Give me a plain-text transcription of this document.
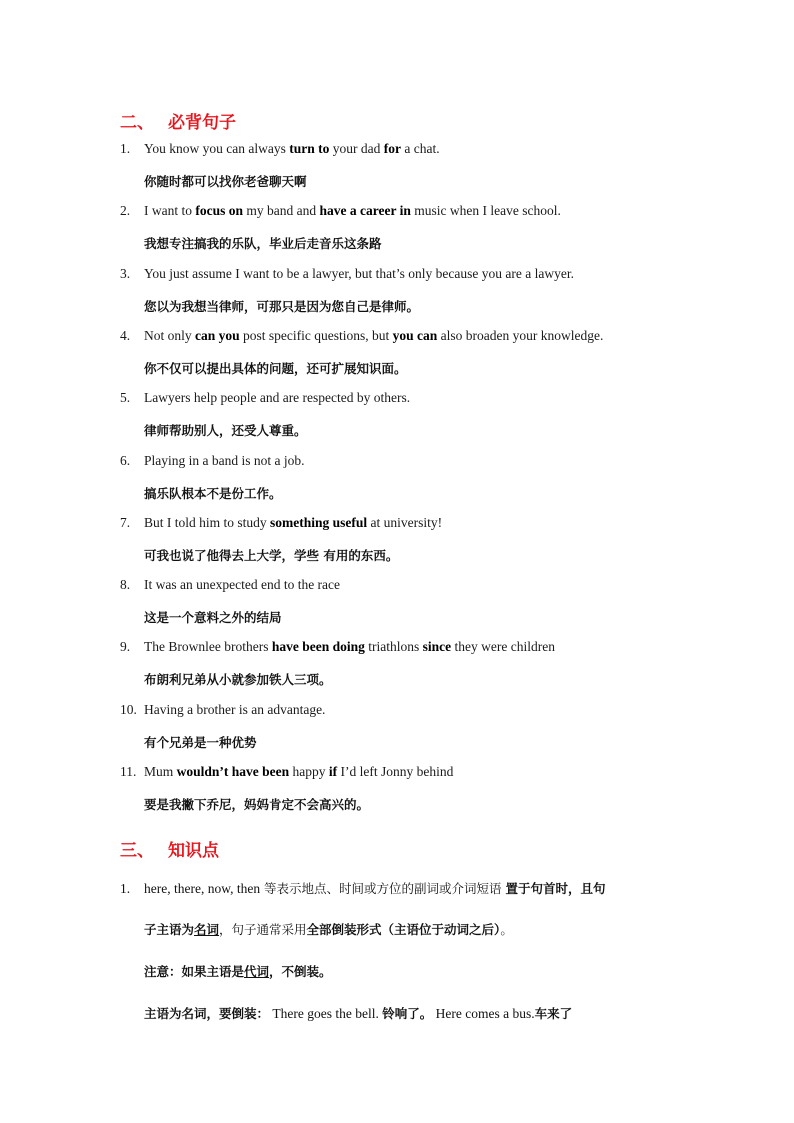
二、 必背句子
1. You know you can always turn to your dad for a chat.
你随时都可以找你老爸聊天啊
2. I want to focus on my band and have a career in music when I leave school.
我想专注搞我的乐队，毕业后走音乐这条路
3. You just assume I want to be a lawyer, but that’s only because you are a lawyer.
您以为我想当律师，可那只是因为您自己是律师。
4. Not only can you post specific questions, but you can also broaden your knowledge.
你不仅可以提出具体的问题，还可扩展知识面。
5. Lawyers help people and are respected by others.
律师帮助别人，还受人尊重。
6. Playing in a band is not a job.
搞乐队根本不是份工作。
7. But I told him to study something useful at university!
可我也说了他得去上大学，学些 有用的东西。
8. It was an unexpected end to the race
这是一个意料之外的结局
9. The Brownlee brothers have been doing triathlons since they were children
布朗利兄弟从小就参加铁人三项。
10. Having a brother is an advantage.
有个兄弟是一种优势
11. Mum wouldn’t have been happy if I’d left Jonny behind
要是我撇下乔尼，妈妈肯定不会高兴的。
三、 知识点
1. here, there, now, then 等表示地点、时间或方位的副词或介词短语 置于句首时，且句
子主语为名词，句子通常采用全部倒装形式（主语位于动词之后）。
注意：如果主语是代词，不倒装。
主语为名词，要倒装： There goes the bell. 铃响了。 Here comes a bus.车来了
